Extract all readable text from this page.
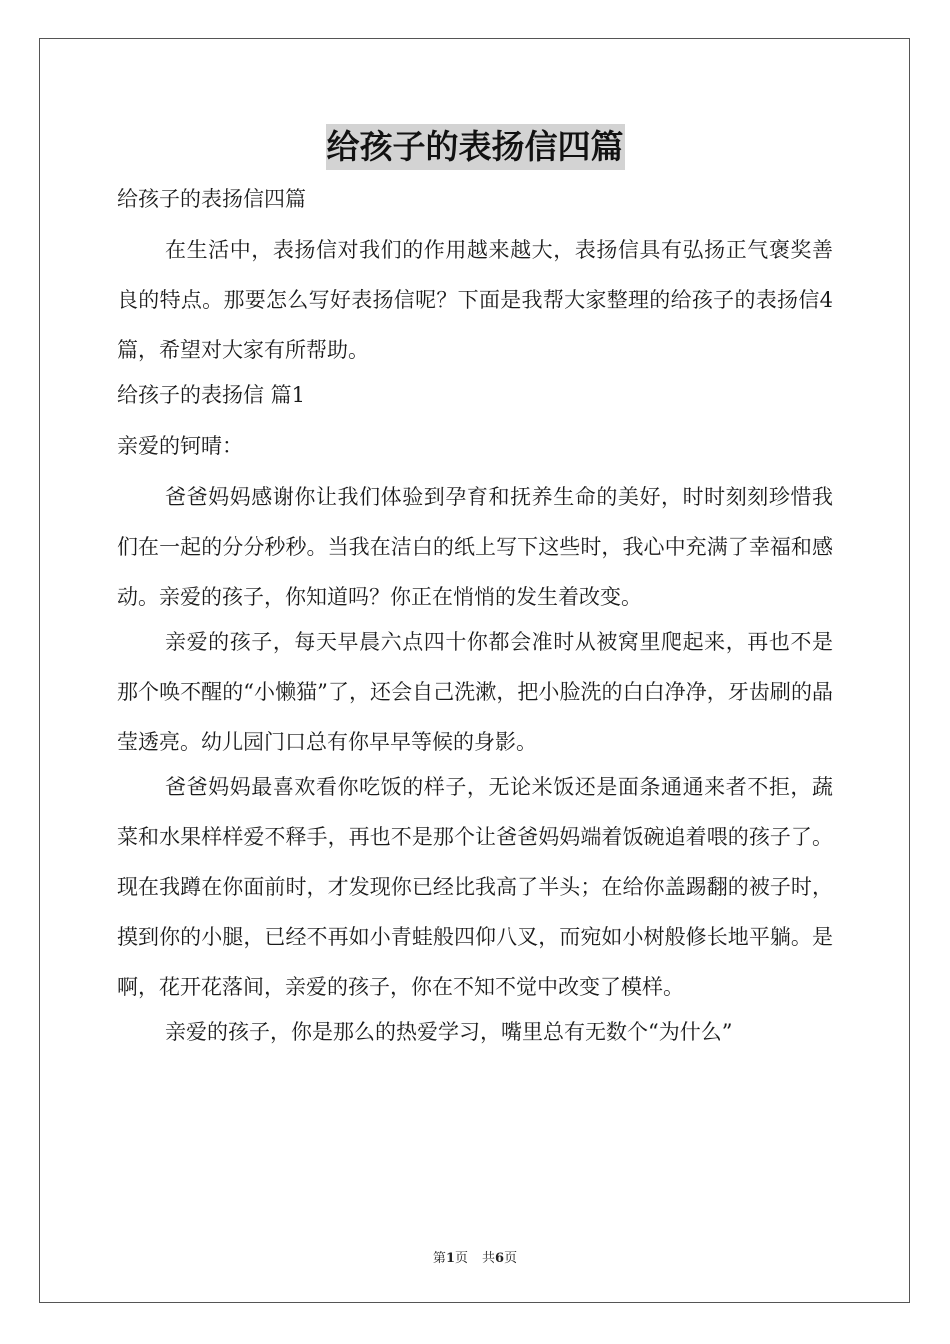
给孩子的表扬信四篇

给孩子的表扬信四篇

在生活中，表扬信对我们的作用越来越大，表扬信具有弘扬正气褒奖善良的特点。那要怎么写好表扬信呢？下面是我帮大家整理的给孩子的表扬信4篇，希望对大家有所帮助。

给孩子的表扬信 篇1

亲爱的钶晴：

爸爸妈妈感谢你让我们体验到孕育和抚养生命的美好，时时刻刻珍惜我们在一起的分分秒秒。当我在洁白的纸上写下这些时，我心中充满了幸福和感动。亲爱的孩子，你知道吗？你正在悄悄的发生着改变。

亲爱的孩子，每天早晨六点四十你都会准时从被窝里爬起来，再也不是那个唤不醒的“小懒猫”了，还会自己洗漱，把小脸洗的白白净净，牙齿刷的晶莹透亮。幼儿园门口总有你早早等候的身影。

爸爸妈妈最喜欢看你吃饭的样子，无论米饭还是面条通通来者不拒，蔬菜和水果样样爱不释手，再也不是那个让爸爸妈妈端着饭碗追着喂的孩子了。现在我蹲在你面前时，才发现你已经比我高了半头；在给你盖踢翻的被子时，摸到你的小腿，已经不再如小青蛙般四仰八叉，而宛如小树般修长地平躺。是啊，花开花落间，亲爱的孩子，你在不知不觉中改变了模样。

亲爱的孩子，你是那么的热爱学习，嘴里总有无数个“为什么”

第1页 共6页
